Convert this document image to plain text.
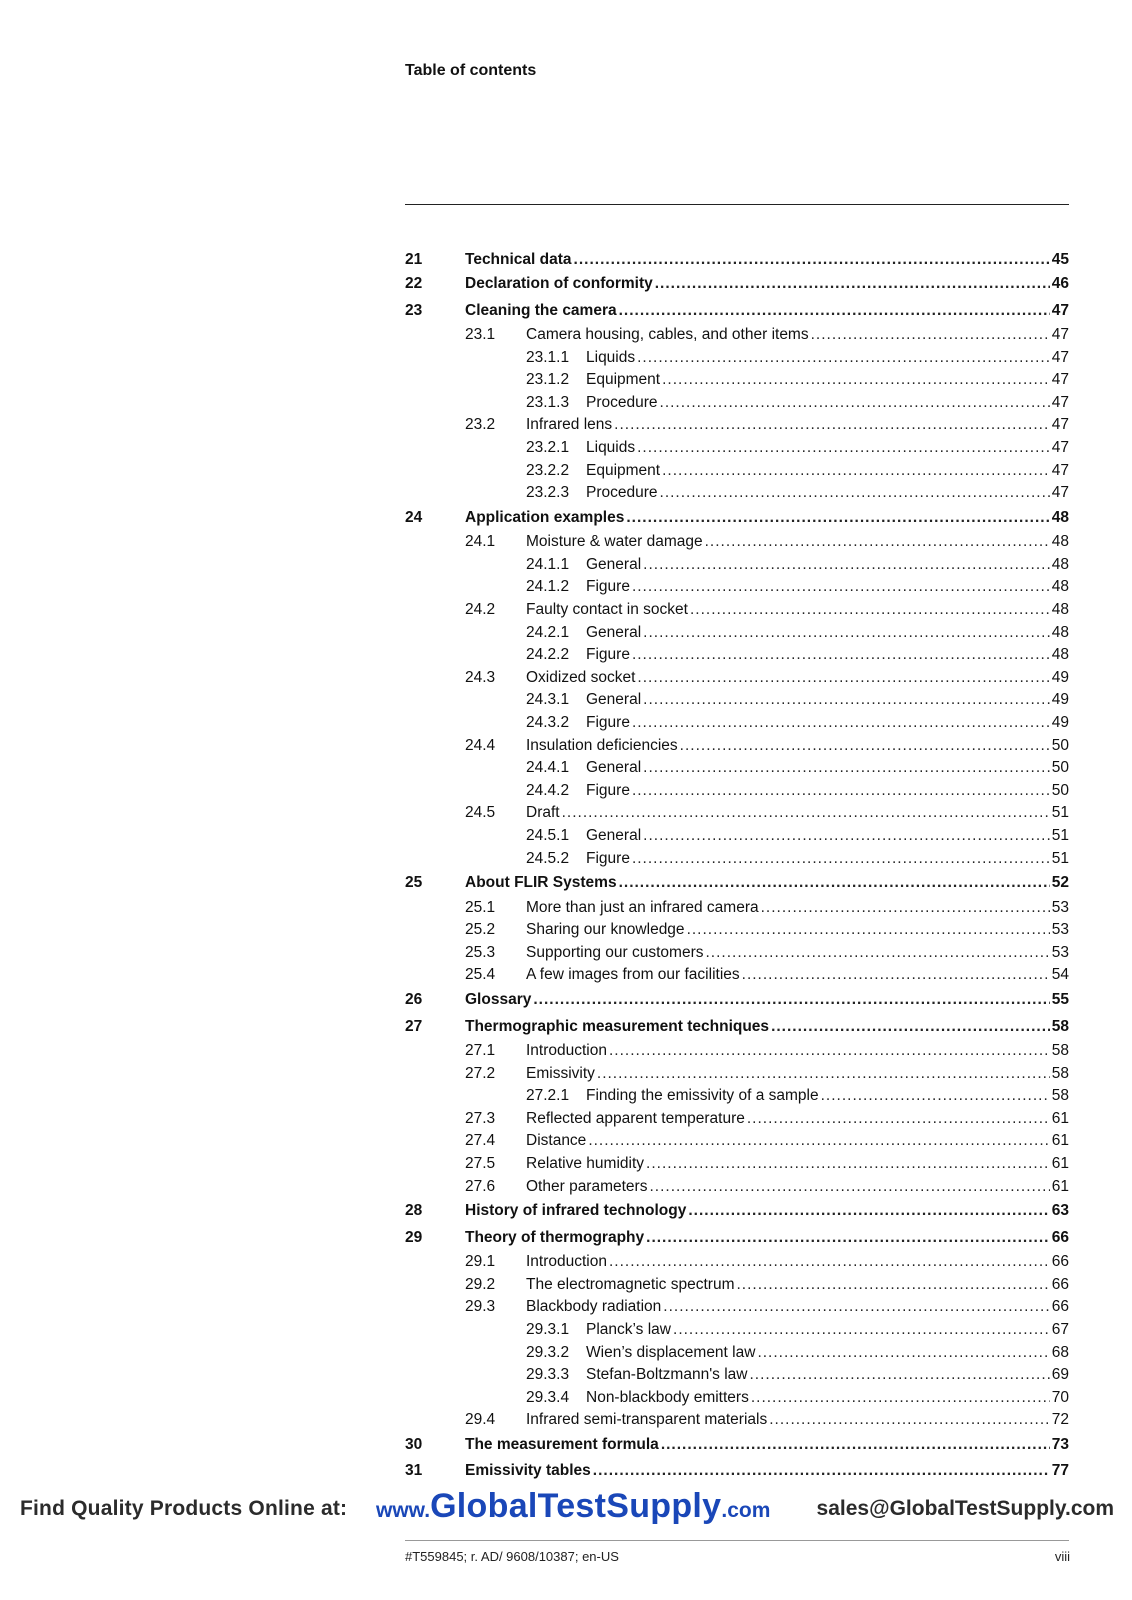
Table of contents
21	Technical data .....	45
22	Declaration of conformity .....	46
23	Cleaning the camera .....	47
23.1 Camera housing, cables, and other items .....	47
23.1.1 Liquids .....	47
23.1.2 Equipment .....	47
23.1.3 Procedure .....	47
23.2 Infrared lens .....	47
23.2.1 Liquids .....	47
23.2.2 Equipment .....	47
23.2.3 Procedure .....	47
24	Application examples .....	48
24.1 Moisture & water damage .....	48
24.1.1 General .....	48
24.1.2 Figure .....	48
24.2 Faulty contact in socket .....	48
24.2.1 General .....	48
24.2.2 Figure .....	48
24.3 Oxidized socket .....	49
24.3.1 General .....	49
24.3.2 Figure .....	49
24.4 Insulation deficiencies .....	50
24.4.1 General .....	50
24.4.2 Figure .....	50
24.5 Draft .....	51
24.5.1 General .....	51
24.5.2 Figure .....	51
25	About FLIR Systems .....	52
25.1 More than just an infrared camera .....	53
25.2 Sharing our knowledge .....	53
25.3 Supporting our customers .....	53
25.4 A few images from our facilities .....	54
26	Glossary .....	55
27	Thermographic measurement techniques .....	58
27.1 Introduction .....	58
27.2 Emissivity .....	58
27.2.1 Finding the emissivity of a sample .....	58
27.3 Reflected apparent temperature .....	61
27.4 Distance .....	61
27.5 Relative humidity .....	61
27.6 Other parameters .....	61
28	History of infrared technology .....	63
29	Theory of thermography .....	66
29.1 Introduction .....	66
29.2 The electromagnetic spectrum .....	66
29.3 Blackbody radiation .....	66
29.3.1 Planck’s law .....	67
29.3.2 Wien’s displacement law .....	68
29.3.3 Stefan-Boltzmann's law .....	69
29.3.4 Non-blackbody emitters .....	70
29.4 Infrared semi-transparent materials .....	72
30	The measurement formula .....	73
31	Emissivity tables .....	77
Find Quality Products Online at: www.GlobalTestSupply.com sales@GlobalTestSupply.com
#T559845; r. AD/ 9608/10387; en-US	viii
